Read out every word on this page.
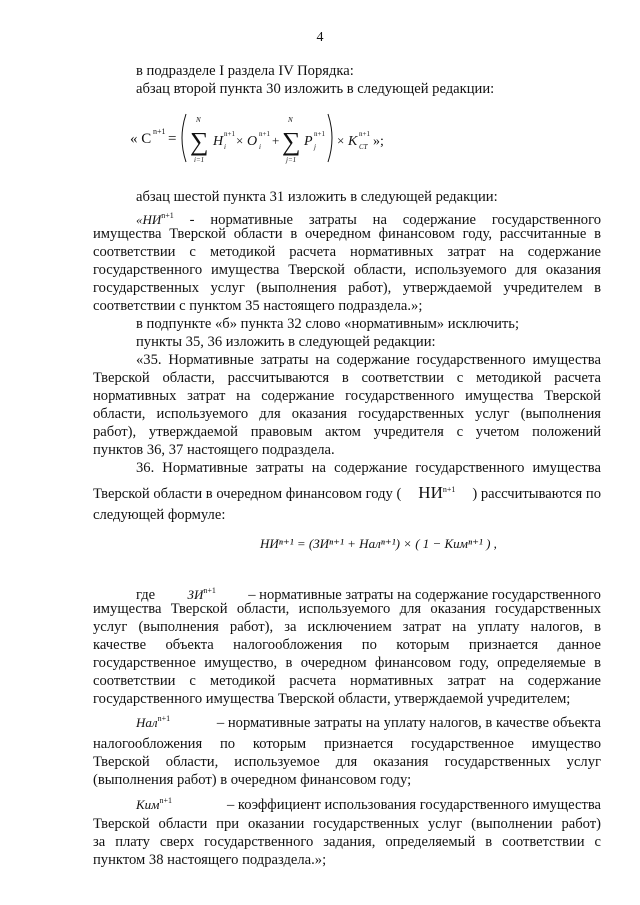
4
в подразделе I раздела IV Порядка:
абзац второй пункта 30 изложить в следующей редакции:
« C n+1 = ∑
N
i=1
H n+1
i × O n+1
i + ∑
N
j=1
P n+1
j × K n+1
CТ »;
абзац шестой пункта 31 изложить в следующей редакции:
«$НИ^{n+1}$ - нормативные затраты на содержание государственного
имущества Тверской области в очередном финансовом году, рассчитанные в
соответствии с методикой расчета нормативных затрат на содержание
государственного имущества Тверской области, используемого для оказания
государственных услуг (выполнения работ), утверждаемой учредителем в
соответствии с пунктом 35 настоящего подраздела.»;
в подпункте «б» пункта 32 слово «нормативным» исключить;
пункты 35, 36 изложить в следующей редакции:
«35. Нормативные затраты на содержание государственного имущества
Тверской области, рассчитываются в соответствии с методикой расчета
нормативных затрат на содержание государственного имущества Тверской
области, используемого для оказания государственных услуг (выполнения
работ), утверждаемой правовым актом учредителя с учетом положений
пунктов 36, 37 настоящего подраздела.
36. Нормативные затраты на содержание государственного имущества
Тверской области в очередном финансовом году ( $НИ^{n+1}$ ) рассчитываются по
следующей формуле:
НИⁿ⁺¹ = (ЗИⁿ⁺¹ + Налⁿ⁺¹) × ( 1 − Кимⁿ⁺¹ ) ,
где $ЗИ^{n+1}$ – нормативные затраты на содержание государственного
имущества Тверской области, используемого для оказания государственных
услуг (выполнения работ), за исключением затрат на уплату налогов, в
качестве объекта налогообложения по которым признается данное
государственное имущество, в очередном финансовом году, определяемые в
соответствии с методикой расчета нормативных затрат на содержание
государственного имущества Тверской области, утверждаемой учредителем;
Нал$^{n+1}$	– нормативные затраты на уплату налогов, в качестве объекта
налогообложения по которым признается государственное имущество
Тверской области, используемое для оказания государственных услуг
(выполнения работ) в очередном финансовом году;
Ким$^{n+1}$	– коэффициент использования государственного имущества
Тверской области при оказании государственных услуг (выполнении работ)
за плату сверх государственного задания, определяемый в соответствии с
пунктом 38 настоящего подраздела.»;
